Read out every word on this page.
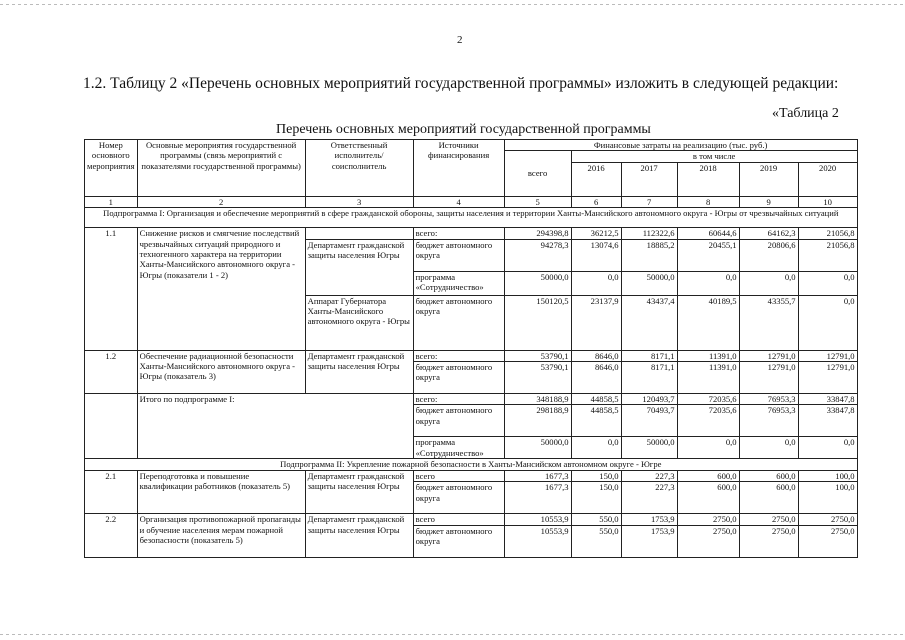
2
1.2. Таблицу 2 «Перечень основных мероприятий государственной программы» изложить в следующей редакции:
«Таблица 2
Перечень основных мероприятий государственной программы
Номер основного мероприятия	Основные мероприятия государственной программы (связь мероприятий с показателями государственной программы)	Ответственный исполнитель/соисполнитель	Источники финансирования	Финансовые затраты на реализацию (тыс. руб.)					
				всего	в том числе				
					2016	2017	2018	2019	2020
1	2	3	4	5	6	7	8	9	10
Подпрограмма I: Организация и обеспечение мероприятий в сфере гражданской обороны, защиты населения и территории Ханты-Мансийского автономного округа - Югры от чрезвычайных ситуаций									
1.1	Снижение рисков и смягчение последствий чрезвычайных ситуаций природного и техногенного характера на территории Ханты-Мансийского автономного округа - Югры (показатели 1 - 2)		всего:	294398,8	36212,5	112322,6	60644,6	64162,3	21056,8
		Департамент гражданской защиты населения Югры	бюджет автономного округа	94278,3	13074,6	18885,2	20455,1	20806,6	21056,8
			программа «Сотрудничество»	50000,0	0,0	50000,0	0,0	0,0	0,0
		Аппарат Губернатора Ханты-Мансийского автономного округа - Югры	бюджет автономного округа	150120,5	23137,9	43437,4	40189,5	43355,7	0,0
1.2	Обеспечение радиационной безопасности Ханты-Мансийского автономного округа - Югры (показатель 3)	Департамент гражданской защиты населения Югры	всего:	53790,1	8646,0	8171,1	11391,0	12791,0	12791,0
			бюджет автономного округа	53790,1	8646,0	8171,1	11391,0	12791,0	12791,0
	Итого по подпрограмме I:		всего:	348188,9	44858,5	120493,7	72035,6	76953,3	33847,8
			бюджет автономного округа	298188,9	44858,5	70493,7	72035,6	76953,3	33847,8
			программа «Сотрудничество»	50000,0	0,0	50000,0	0,0	0,0	0,0
Подпрограмма II: Укрепление пожарной безопасности в Ханты-Мансийском автономном округе - Югре									
2.1	Переподготовка и повышение квалификации работников (показатель 5)	Департамент гражданской защиты населения Югры	всего	1677,3	150,0	227,3	600,0	600,0	100,0
			бюджет автономного округа	1677,3	150,0	227,3	600,0	600,0	100,0
2.2	Организация противопожарной пропаганды и обучение населения мерам пожарной безопасности (показатель 5)	Департамент гражданской защиты населения Югры	всего	10553,9	550,0	1753,9	2750,0	2750,0	2750,0
			бюджет автономного округа	10553,9	550,0	1753,9	2750,0	2750,0	2750,0
